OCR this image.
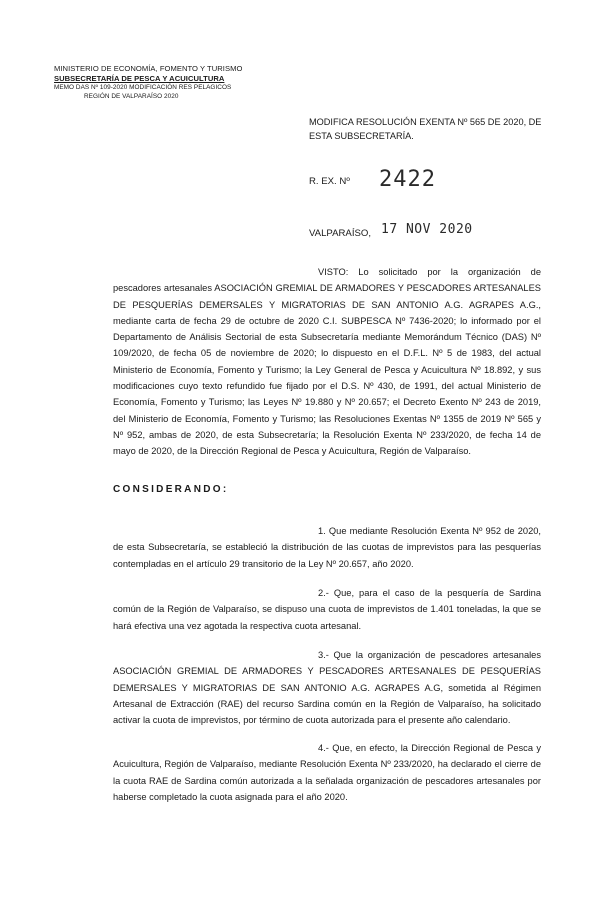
MINISTERIO DE ECONOMÍA, FOMENTO Y TURISMO
SUBSECRETARÍA DE PESCA Y ACUICULTURA
MEMO DAS Nº 109-2020 MODIFICACIÓN RES PELAGICOS
REGIÓN DE VALPARAÍSO 2020
MODIFICA RESOLUCIÓN EXENTA Nº 565 DE 2020, DE ESTA SUBSECRETARÍA.
R. EX. Nº 2422
VALPARAÍSO, 17 NOV 2020
VISTO: Lo solicitado por la organización de pescadores artesanales ASOCIACIÓN GREMIAL DE ARMADORES Y PESCADORES ARTESANALES DE PESQUERÍAS DEMERSALES Y MIGRATORIAS DE SAN ANTONIO A.G. AGRAPES A.G., mediante carta de fecha 29 de octubre de 2020 C.I. SUBPESCA Nº 7436-2020; lo informado por el Departamento de Análisis Sectorial de esta Subsecretaría mediante Memorándum Técnico (DAS) Nº 109/2020, de fecha 05 de noviembre de 2020; lo dispuesto en el D.F.L. Nº 5 de 1983, del actual Ministerio de Economía, Fomento y Turismo; la Ley General de Pesca y Acuicultura Nº 18.892, y sus modificaciones cuyo texto refundido fue fijado por el D.S. Nº 430, de 1991, del actual Ministerio de Economía, Fomento y Turismo; las Leyes Nº 19.880 y Nº 20.657; el Decreto Exento Nº 243 de 2019, del Ministerio de Economía, Fomento y Turismo; las Resoluciones Exentas Nº 1355 de 2019 Nº 565 y Nº 952, ambas de 2020, de esta Subsecretaría; la Resolución Exenta Nº 233/2020, de fecha 14 de mayo de 2020, de la Dirección Regional de Pesca y Acuicultura, Región de Valparaíso.
CONSIDERANDO:
1. Que mediante Resolución Exenta Nº 952 de 2020, de esta Subsecretaría, se estableció la distribución de las cuotas de imprevistos para las pesquerías contempladas en el artículo 29 transitorio de la Ley Nº 20.657, año 2020.
2.- Que, para el caso de la pesquería de Sardina común de la Región de Valparaíso, se dispuso una cuota de imprevistos de 1.401 toneladas, la que se hará efectiva una vez agotada la respectiva cuota artesanal.
3.- Que la organización de pescadores artesanales ASOCIACIÓN GREMIAL DE ARMADORES Y PESCADORES ARTESANALES DE PESQUERÍAS DEMERSALES Y MIGRATORIAS DE SAN ANTONIO A.G. AGRAPES A.G, sometida al Régimen Artesanal de Extracción (RAE) del recurso Sardina común en la Región de Valparaíso, ha solicitado activar la cuota de imprevistos, por término de cuota autorizada para el presente año calendario.
4.- Que, en efecto, la Dirección Regional de Pesca y Acuicultura, Región de Valparaíso, mediante Resolución Exenta Nº 233/2020, ha declarado el cierre de la cuota RAE de Sardina común autorizada a la señalada organización de pescadores artesanales por haberse completado la cuota asignada para el año 2020.
